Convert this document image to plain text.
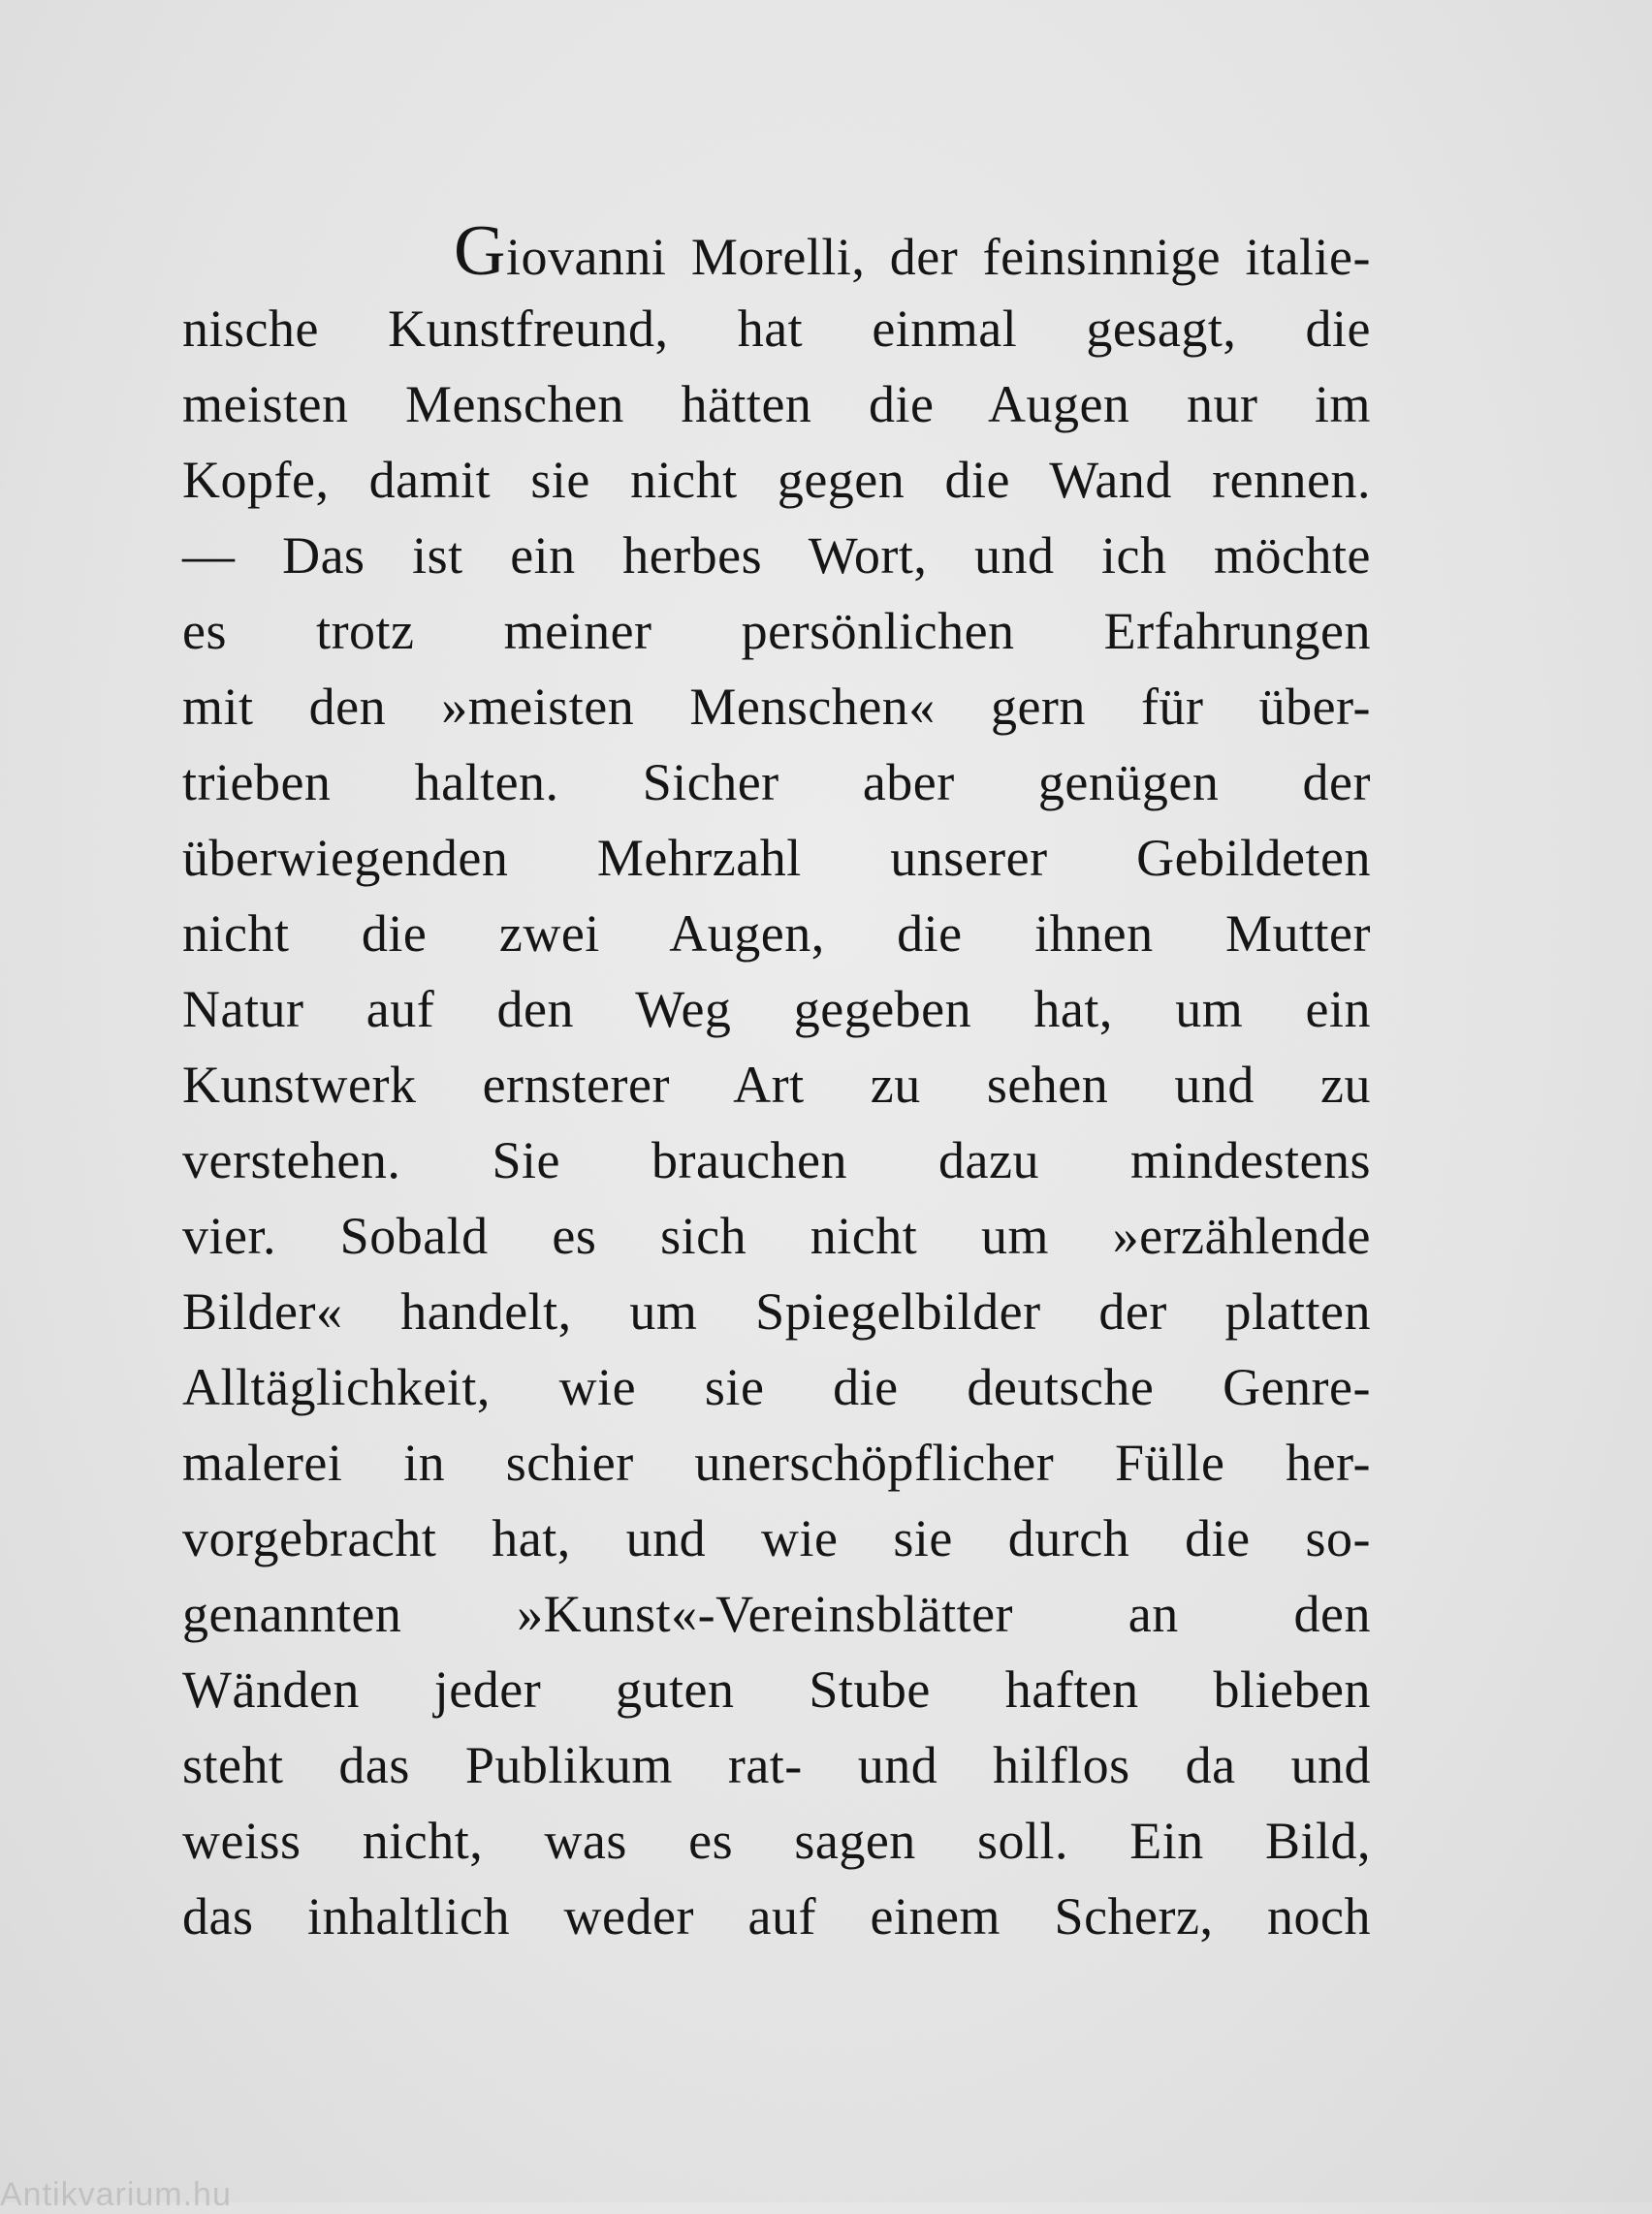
Giovanni Morelli, der feinsinnige italie-
nische Kunstfreund, hat einmal gesagt, die
meisten Menschen hätten die Augen nur im
Kopfe, damit sie nicht gegen die Wand rennen.
— Das ist ein herbes Wort, und ich möchte
es trotz meiner persönlichen Erfahrungen
mit den »meisten Menschen« gern für über-
trieben halten. Sicher aber genügen der
überwiegenden Mehrzahl unserer Gebildeten
nicht die zwei Augen, die ihnen Mutter
Natur auf den Weg gegeben hat, um ein
Kunstwerk ernsterer Art zu sehen und zu
verstehen. Sie brauchen dazu mindestens
vier. Sobald es sich nicht um »erzählende
Bilder« handelt, um Spiegelbilder der platten
Alltäglichkeit, wie sie die deutsche Genre-
malerei in schier unerschöpflicher Fülle her-
vorgebracht hat, und wie sie durch die so-
genannten »Kunst«-Vereinsblätter an den
Wänden jeder guten Stube haften blieben
steht das Publikum rat- und hilflos da und
weiss nicht, was es sagen soll. Ein Bild,
das inhaltlich weder auf einem Scherz, noch
Antikvarium.hu
